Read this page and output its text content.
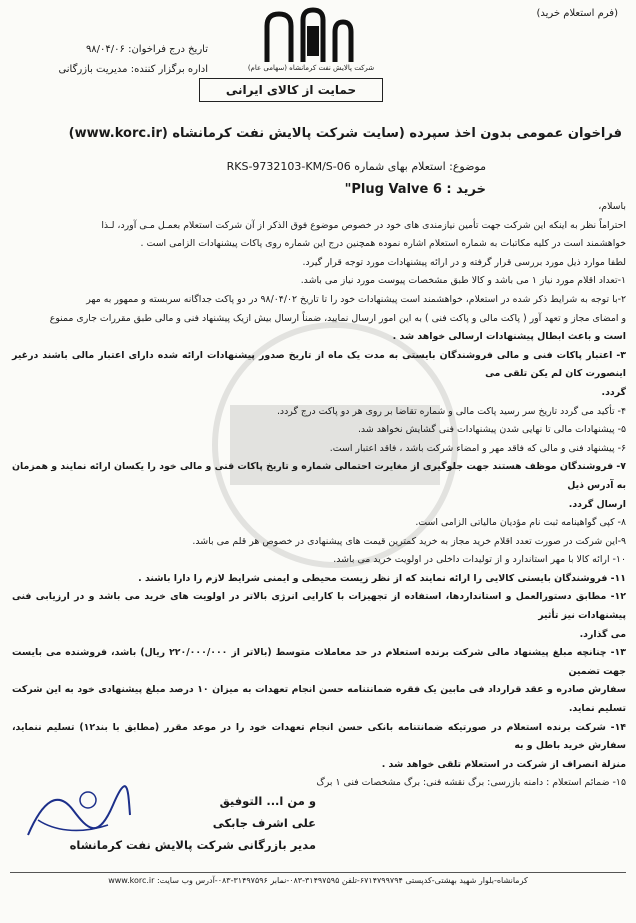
(فرم استعلام خرید)
شرکت پالایش نفت کرمانشاه (سهامی عام)
حمایت از کالای ایرانی
تاریخ درج فراخوان: ۹۸/۰۴/۰۶
اداره برگزار کننده: مدیریت بازرگانی
فراخوان عمومی بدون اخذ سپرده (سایت شرکت پالایش نفت کرمانشاه (www.korc.ir)
موضوع: استعلام بهای شماره RKS-9732103-KM/S-06
خرید : Plug Valve 6"

باسلام،

احتراماً نظر به اینکه این شرکت جهت تأمین نیازمندی های خود در خصوص موضوع فوق الذکر از آن شرکت استعلام بعمـل مـی آورد، لـذا

خواهشمند است در کلیه مکاتبات به شماره استعلام اشاره نموده همچنین درج این شماره روی پاکات پیشنهادات الزامی است .

لطفا موارد ذیل مورد بررسی قرار گرفته و در ارائه پیشنهادات مورد توجه قرار گیرد.

۱-تعداد اقلام مورد نیاز ۱ می باشد و کالا طبق مشخصات پیوست مورد نیاز می باشد.

۲-با توجه به شرایط ذکر شده در استعلام، خواهشمند است پیشنهادات خود را تا تاریخ ۹۸/۰۴/۰۲ در دو پاکت جداگانه سربسته و ممهور به مهر

و امضای مجاز و تعهد آور ( پاکت مالی و پاکت فنی ) به این امور ارسال نمایید، ضمناً ارسال بیش ازیک پیشنهاد فنی و مالی طبق مقررات جاری ممنوع

است و باعث ابطال پیشنهادات ارسالی خواهد شد .

۳- اعتبار پاکات فنی و مالی فروشندگان بایستی به مدت یک ماه از تاریخ صدور پیشنهادات ارائه شده دارای اعتبار مالی باشند درغیر اینصورت کان لم یکن تلقی می

گردد.

۴- تأکید می گردد تاریخ سر رسید پاکت مالی و شماره تقاضا بر روی هر دو پاکت درج گردد.

۵- پیشنهادات مالی تا نهایی شدن پیشنهادات فنی گشایش نخواهد شد.

۶- پیشنهاد فنی و مالی که فاقد مهر و امضاء شرکت باشد ، فاقد اعتبار است.

۷- فروشندگان موظف هستند جهت جلوگیری از مغایرت احتمالی شماره و تاریخ پاکات فنی و مالی خود را یکسان ارائه نمایند و همزمان به آدرس ذیل

ارسال گردد.

۸- کپی گواهینامه ثبت نام مؤدیان مالیاتی الزامی است.

۹-این شرکت در صورت تعدد اقلام خرید مجاز به خرید کمترین قیمت های پیشنهادی در خصوص هر قلم می باشد.

۱۰- ارائه کالا با مهر استاندارد و از تولیدات داخلی در اولویت خرید می باشد.

۱۱- فروشندگان بایستی کالایی را ارائه نمایند که از نظر زیست محیطی و ایمنی شرایط لازم را دارا باشند .

۱۲- مطابق دستورالعمل و استانداردها، استفاده از تجهیزات با کارایی انرژی بالاتر در اولویت های خرید می باشد و در ارزیابی فنی پیشنهادات نیز تأثیر

می گذارد.

۱۳- چنانچه مبلغ پیشنهاد مالی شرکت برنده استعلام در حد معاملات متوسط (بالاتر از ۲۲۰/۰۰۰/۰۰۰ ریال) باشد، فروشنده می بایست جهت تضمین

سفارش صادره و عقد قرارداد فی مابین یک فقره ضمانتنامه حسن انجام تعهدات به میزان ۱۰ درصد مبلغ پیشنهادی خود به این شرکت تسلیم نماید.

۱۴- شرکت برنده استعلام در صورتیکه ضمانتنامه بانکی حسن انجام تعهدات خود را در موعد مقرر (مطابق با بند۱۲) تسلیم ننماید، سفارش خرید باطل و به

منزلة انصراف از شرکت در استعلام تلقی خواهد شد .

۱۵- ضمائم استعلام : دامنه بازرسی: برگ نقشه فنی: برگ مشخصات فنی ۱ برگ

و من ا... التوفیق

علی اشرف جابکی

مدیر بازرگانی شرکت پالایش نفت کرمانشاه

کرمانشاه-بلوار شهید بهشتی-کدپستی ۶۷۱۴۷۹۹۷۹۴-تلفن ۳۱۴۹۷۵۹۵-۰۸۳-نمابر ۳۱۴۹۷۵۹۶-۰۸۳-آدرس وب سایت: www.korc.ir
